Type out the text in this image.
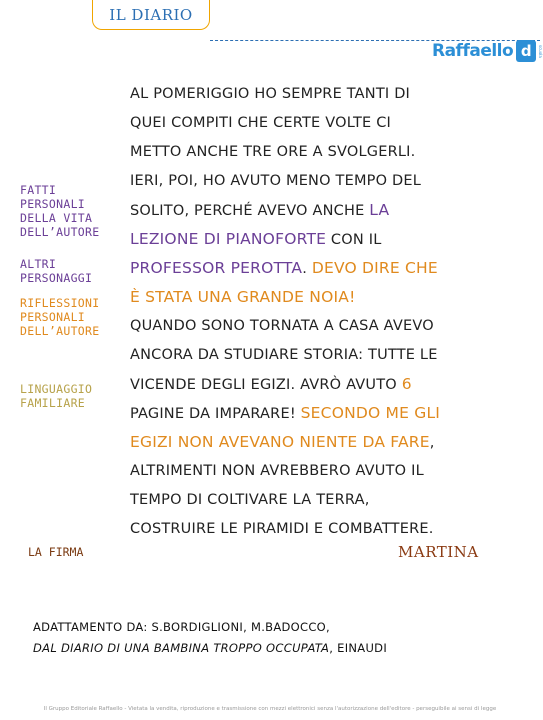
IL DIARIO
Raffaello d	scuola
FATTI
PERSONALI
DELLA VITA
DELL’AUTORE
ALTRI
PERSONAGGI
RIFLESSIONI
PERSONALI
DELL’AUTORE
LINGUAGGIO
FAMILIARE
AL POMERIGGIO HO SEMPRE TANTI DI
QUEI COMPITI CHE CERTE VOLTE CI
METTO ANCHE TRE ORE A SVOLGERLI.
IERI, POI, HO AVUTO MENO TEMPO DEL
SOLITO, PERCHÉ AVEVO ANCHE LA
LEZIONE DI PIANOFORTE CON IL
PROFESSOR PEROTTA. DEVO DIRE CHE
È STATA UNA GRANDE NOIA!
QUANDO SONO TORNATA A CASA AVEVO
ANCORA DA STUDIARE STORIA: TUTTE LE
VICENDE DEGLI EGIZI. AVRÒ AVUTO 6
PAGINE DA IMPARARE! SECONDO ME GLI
EGIZI NON AVEVANO NIENTE DA FARE,
ALTRIMENTI NON AVREBBERO AVUTO IL
TEMPO DI COLTIVARE LA TERRA,
COSTRUIRE LE PIRAMIDI E COMBATTERE.
LA FIRMA	MARTINA
ADATTAMENTO DA: S.BORDIGLIONI, M.BADOCCO,
DAL DIARIO DI UNA BAMBINA TROPPO OCCUPATA, EINAUDI
Il Gruppo Editoriale Raffaello - Vietata la vendita, riproduzione e trasmissione con mezzi elettronici senza l'autorizzazione dell'editore - perseguibile ai sensi di legge
